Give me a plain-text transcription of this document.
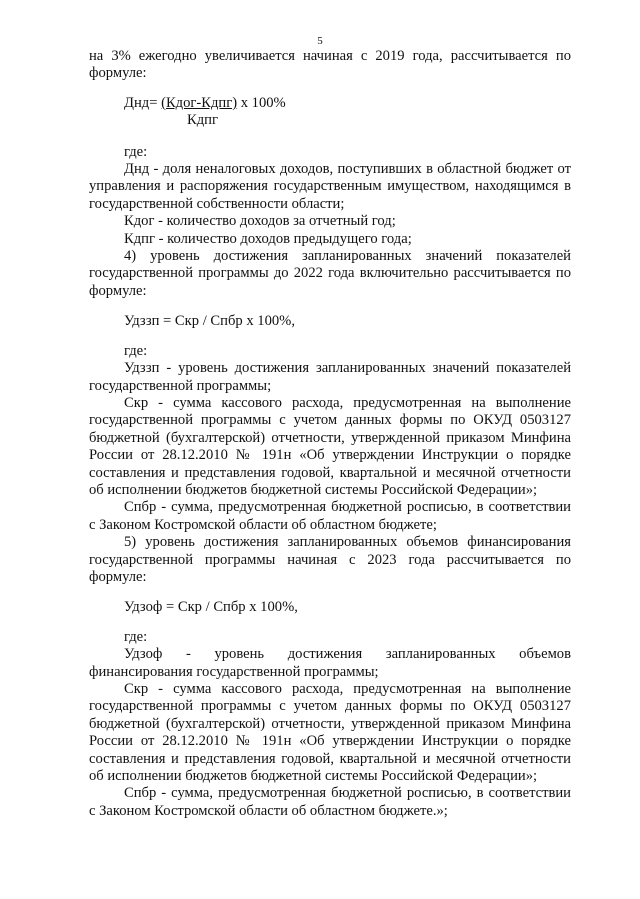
5

на 3% ежегодно увеличивается начиная с 2019 года, рассчитывается по формуле:

Днд= (Кдог-Кдпг) х 100%
Кдпг

где:

Днд - доля неналоговых доходов, поступивших в областной бюджет от управления и распоряжения государственным имуществом, находящимся в государственной собственности области;

Кдог - количество доходов за отчетный год;

Кдпг - количество доходов предыдущего года;

4) уровень достижения запланированных значений показателей государственной программы до 2022 года включительно рассчитывается по формуле:

Удззп = Скр / Спбр х 100%,

где:

Удззп - уровень достижения запланированных значений показателей государственной программы;

Скр - сумма кассового расхода, предусмотренная на выполнение государственной программы с учетом данных формы по ОКУД 0503127 бюджетной (бухгалтерской) отчетности, утвержденной приказом Минфина России от 28.12.2010 № 191н «Об утверждении Инструкции о порядке составления и представления годовой, квартальной и месячной отчетности об исполнении бюджетов бюджетной системы Российской Федерации»;

Спбр - сумма, предусмотренная бюджетной росписью, в соответствии с Законом Костромской области об областном бюджете;

5) уровень достижения запланированных объемов финансирования государственной программы начиная с 2023 года рассчитывается по формуле:

Удзоф = Скр / Спбр х 100%,

где:

Удзоф - уровень достижения запланированных объемов финансирования государственной программы;

Скр - сумма кассового расхода, предусмотренная на выполнение государственной программы с учетом данных формы по ОКУД 0503127 бюджетной (бухгалтерской) отчетности, утвержденной приказом Минфина России от 28.12.2010 № 191н «Об утверждении Инструкции о порядке составления и представления годовой, квартальной и месячной отчетности об исполнении бюджетов бюджетной системы Российской Федерации»;

Спбр - сумма, предусмотренная бюджетной росписью, в соответствии с Законом Костромской области об областном бюджете.»;
